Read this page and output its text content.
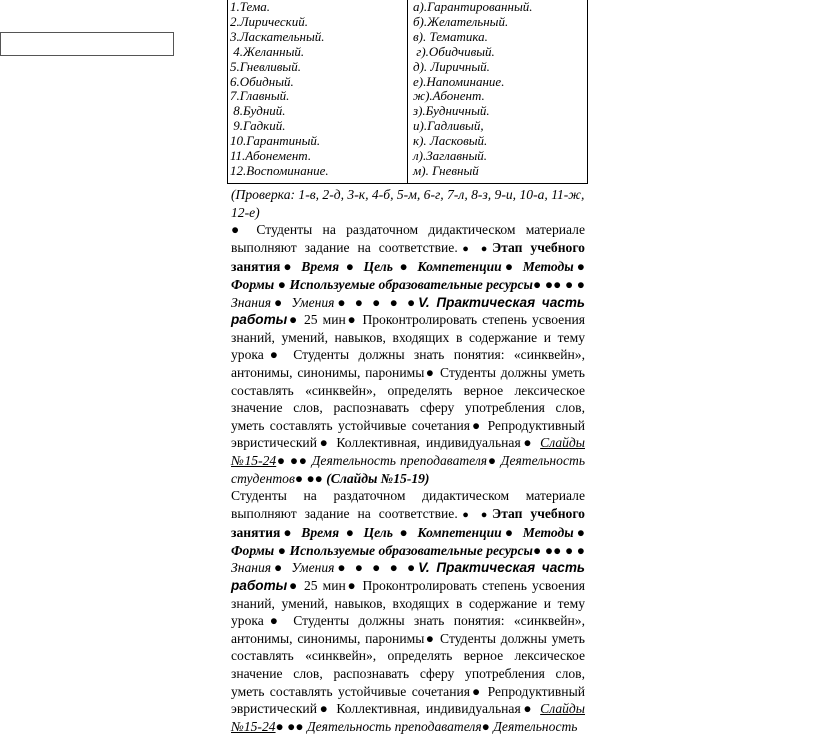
1.Тема.
2.Лирический.
3.Ласкательный.
4.Желанный.
5.Гневливый.
6.Обидный.
7.Главный.
8.Будний.
9.Гадкий.
10.Гарантиный.
11.Абонемент.
12.Воспоминание.
а).Гарантированный.
б).Желательный.
в). Тематика.
г).Обидчивый.
д). Лиричный.
е).Напоминание.
ж).Абонент.
з).Будничный.
и).Гадливый,
к). Ласковый.
л).Заглавный.
м). Гневный

(Проверка: 1-в, 2-д, 3-к, 4-б, 5-м, 6-г, 7-л, 8-з, 9-и, 10-а, 11-ж, 12-е)

● Студенты на раздаточном дидактическом материале выполняют задание на соответствие.● ●Этап учебного занятия● Время ● Цель ● Компетенции● Методы● Формы ● Используемые образовательные ресурсы● ●● ● ● Знания● Умения● ● ● ● ●V. Практическая часть работы● 25 мин● Проконтролировать степень усвоения знаний, умений, навыков, входящих в содержание и тему урока● Студенты должны знать понятия: «синквейн», антонимы, синонимы, паронимы● Студенты должны уметь составлять «синквейн», определять верное лексическое значение слов, распознавать сферу употребления слов, уметь составлять устойчивые сочетания● Репродуктивный эвристический● Коллективная, индивидуальная● Слайды №15-24● ●● Деятельность преподавателя● Деятельность студентов● ●● (Слайды №15-19)

Студенты на раздаточном дидактическом материале выполняют задание на соответствие.● ●Этап учебного занятия● Время ● Цель ● Компетенции● Методы● Формы ● Используемые образовательные ресурсы● ●● ● ● Знания● Умения● ● ● ● ●V. Практическая часть работы● 25 мин● Проконтролировать степень усвоения знаний, умений, навыков, входящих в содержание и тему урока● Студенты должны знать понятия: «синквейн», антонимы, синонимы, паронимы● Студенты должны уметь составлять «синквейн», определять верное лексическое значение слов, распознавать сферу употребления слов, уметь составлять устойчивые сочетания● Репродуктивный эвристический● Коллективная, индивидуальная● Слайды №15-24● ●● Деятельность преподавателя● Деятельность
